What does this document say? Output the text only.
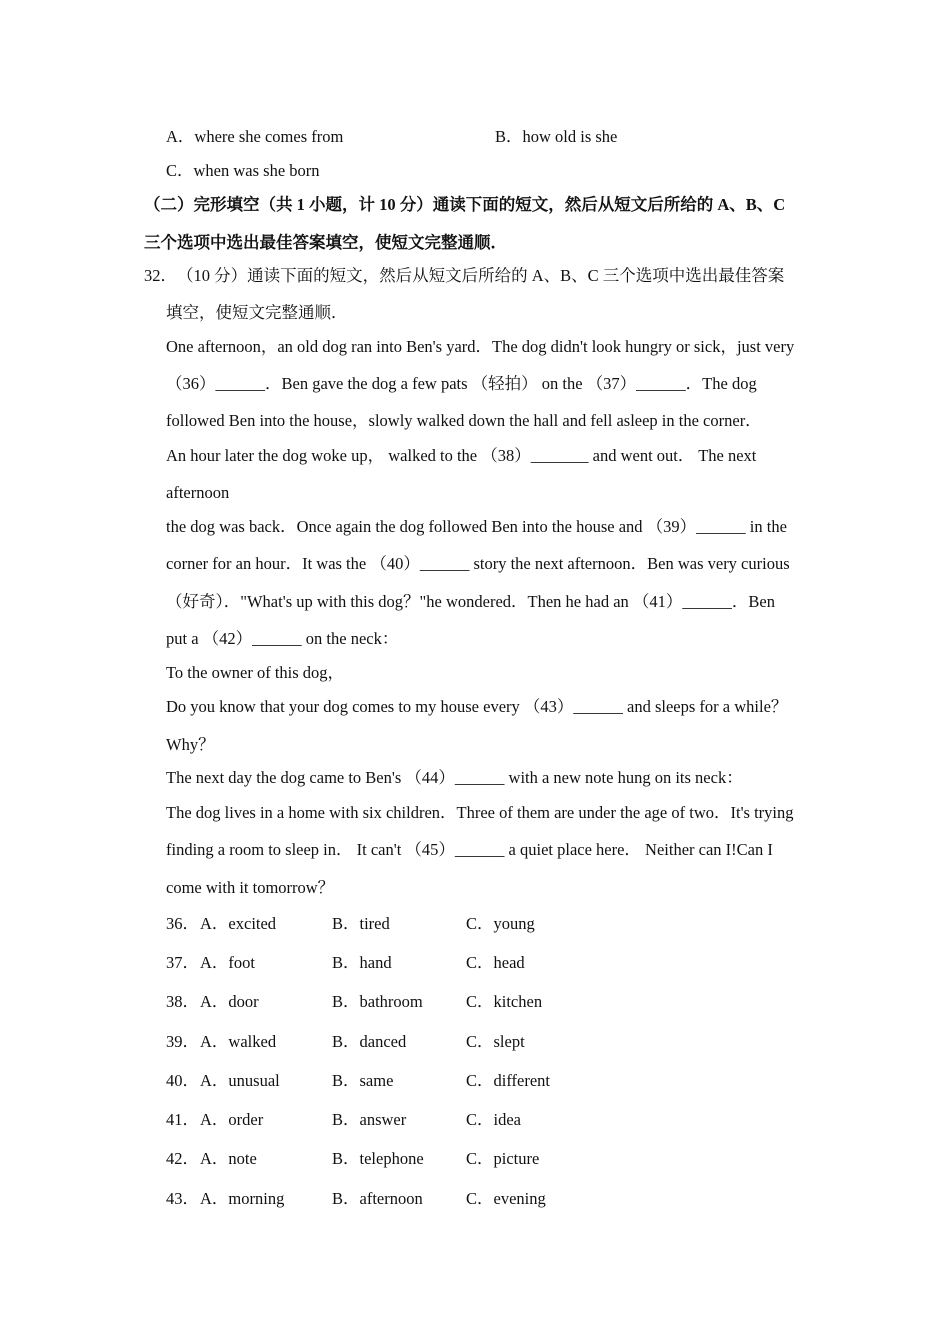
A．where she comes from	B．how old is she
C．when was she born
（二）完形填空（共 1 小题，计 10 分）通读下面的短文，然后从短文后所给的 A、B、C
三个选项中选出最佳答案填空，使短文完整通顺．
32． （10 分）通读下面的短文，然后从短文后所给的 A、B、C 三个选项中选出最佳答案
填空，使短文完整通顺．
One afternoon，an old dog ran into Ben's yard．The dog didn't look hungry or sick，just very
（36）______．Ben gave the dog a few pats （轻拍） on the （37）______．The dog
followed Ben into the house，slowly walked down the hall and fell asleep in the corner．
An hour later the dog woke up， walked to the （38）_______ and went out． The next
afternoon
the dog was back．Once again the dog followed Ben into the house and （39）______ in the
corner for an hour．It was the （40）______ story the next afternoon．Ben was very curious
（好奇）．"What's up with this dog？"he wondered．Then he had an （41）______．Ben
put a （42）______ on the neck：
To the owner of this dog，
Do you know that your dog comes to my house every （43）______ and sleeps for a while？
Why？
The next day the dog came to Ben's （44）______ with a new note hung on its neck：
The dog lives in a home with six children．Three of them are under the age of two．It's trying
finding a room to sleep in． It can't （45）______ a quiet place here． Neither can I!Can I
come with it tomorrow？
36． A．excited	B．tired	C．young
37． A．foot	B．hand	C．head
38． A．door	B．bathroom	C．kitchen
39． A．walked	B．danced	C．slept
40． A．unusual	B．same	C．different
41． A．order	B．answer	C．idea
42． A．note	B．telephone	C．picture
43． A．morning	B．afternoon	C．evening
